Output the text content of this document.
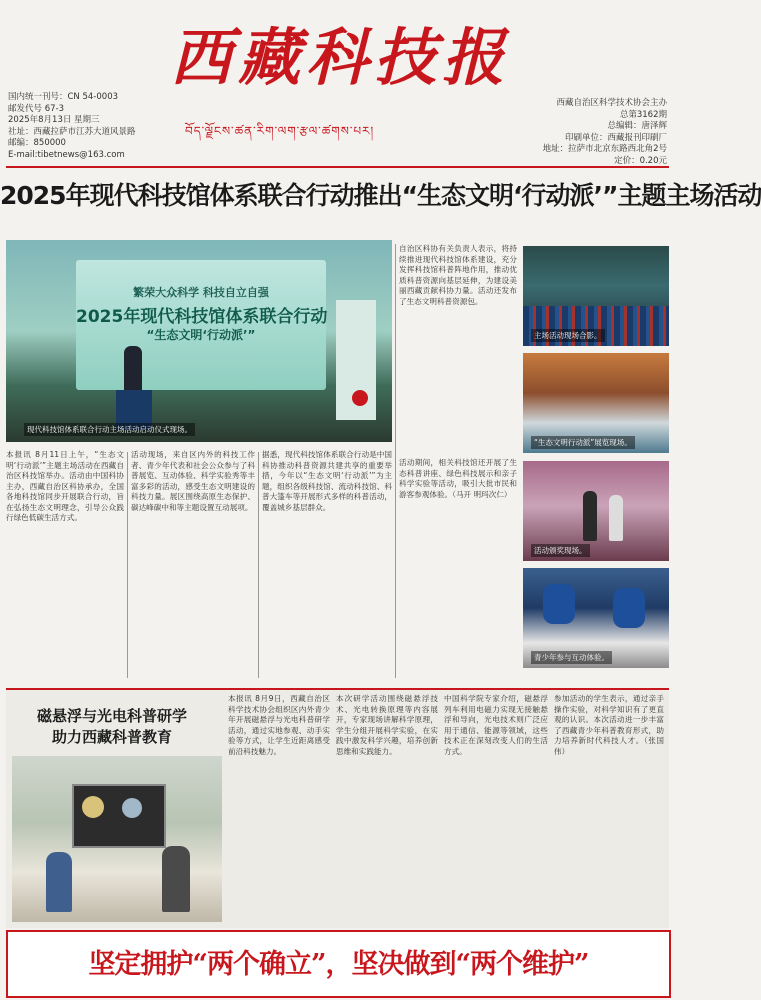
西藏科技报
བོད་ལྗོངས་ཚན་རིག་ལག་རྩལ་ཚགས་པར།
国内统一刊号：CN 54-0003
邮发代号 67-3
2025年8月13日 星期三
社址：西藏拉萨市江苏大道风景路
邮编：850000
E-mail:tibetnews@163.com
西藏自治区科学技术协会主办
总第3162期
总编辑：唐泽辉
印刷单位：西藏报刊印刷厂
地址：拉萨市北京东路西北角2号
定价：0.20元
2025年现代科技馆体系联合行动推出“生态文明‘行动派’”主题主场活动
繁荣大众科学 科技自立自强
2025年现代科技馆体系联合行动
“生态文明‘行动派’”
现代科技馆体系联合行动主场活动启动仪式现场。
主场活动现场合影。
“生态文明行动派”展览现场。
活动颁奖现场。
青少年参与互动体验。
本报讯 8月11日上午，“生态文明‘行动派’”主题主场活动在西藏自治区科技馆举办。活动由中国科协主办，西藏自治区科协承办，全国各地科技馆同步开展联合行动，旨在弘扬生态文明理念，引导公众践行绿色低碳生活方式。
活动现场，来自区内外的科技工作者、青少年代表和社会公众参与了科普展览、互动体验、科学实验秀等丰富多彩的活动，感受生态文明建设的科技力量。展区围绕高原生态保护、碳达峰碳中和等主题设置互动展项。
据悉，现代科技馆体系联合行动是中国科协推动科普资源共建共享的重要举措，今年以“生态文明‘行动派’”为主题，组织各级科技馆、流动科技馆、科普大篷车等开展形式多样的科普活动，覆盖城乡基层群众。
自治区科协有关负责人表示，将持续推进现代科技馆体系建设，充分发挥科技馆科普阵地作用，推动优质科普资源向基层延伸，为建设美丽西藏贡献科协力量。活动还发布了生态文明科普资源包。
活动期间，相关科技馆还开展了生态科普讲座、绿色科技展示和亲子科学实验等活动，吸引大批市民和游客参观体验。（马开 明玛次仁）
磁悬浮与光电科普研学
助力西藏科普教育
本报讯 8月9日，西藏自治区科学技术协会组织区内外青少年开展磁悬浮与光电科普研学活动，通过实地参观、动手实验等方式，让学生近距离感受前沿科技魅力。
本次研学活动围绕磁悬浮技术、光电转换原理等内容展开，专家现场讲解科学原理，学生分组开展科学实验，在实践中激发科学兴趣，培养创新思维和实践能力。
中国科学院专家介绍，磁悬浮列车利用电磁力实现无接触悬浮和导向，光电技术则广泛应用于通信、能源等领域，这些技术正在深刻改变人们的生活方式。
参加活动的学生表示，通过亲手操作实验，对科学知识有了更直观的认识。本次活动进一步丰富了西藏青少年科普教育形式，助力培养新时代科技人才。（张国伟）
坚定拥护“两个确立”，坚决做到“两个维护”
